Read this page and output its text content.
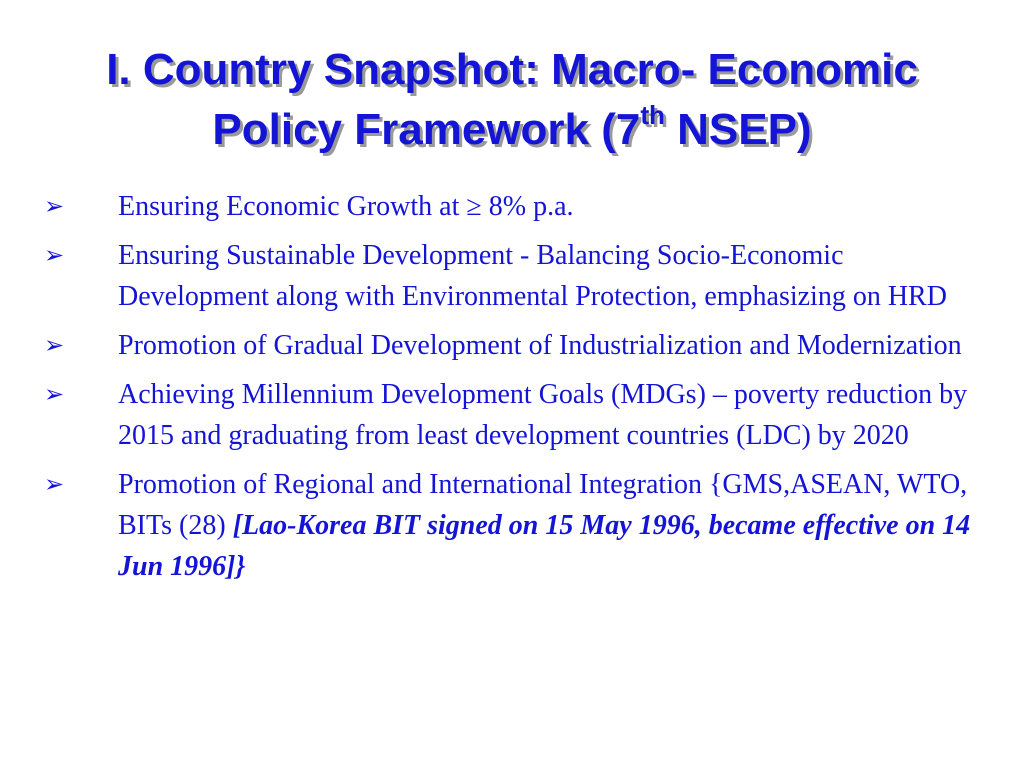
I. Country Snapshot: Macro- Economic
Policy Framework (7th NSEP)
➢ Ensuring Economic Growth at ≥ 8% p.a.
➢ Ensuring Sustainable Development - Balancing Socio-Economic Development along with Environmental Protection, emphasizing on HRD
➢ Promotion of Gradual Development of Industrialization and Modernization
➢ Achieving Millennium Development Goals (MDGs) – poverty reduction by 2015 and graduating from least development countries (LDC) by 2020
➢ Promotion of Regional and International Integration {GMS,ASEAN, WTO, BITs (28) [Lao-Korea BIT signed on 15 May 1996, became effective on 14 Jun 1996]}
